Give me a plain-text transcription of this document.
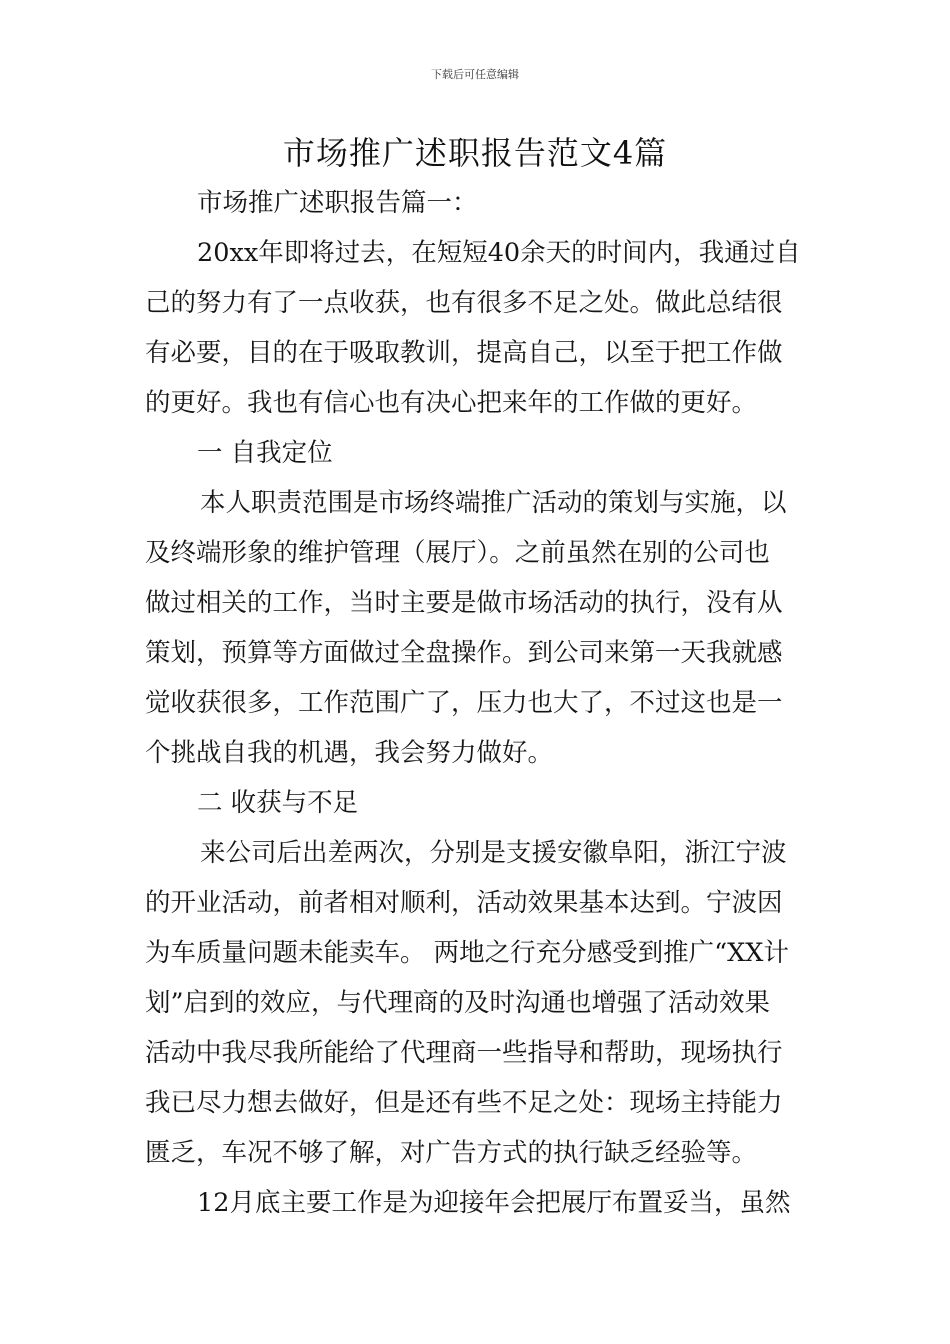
下载后可任意编辑
市场推广述职报告范文4篇
市场推广述职报告篇一：
20xx年即将过去，在短短40余天的时间内，我通过自
己的努力有了一点收获，也有很多不足之处。做此总结很
有必要，目的在于吸取教训，提高自己，以至于把工作做
的更好。我也有信心也有决心把来年的工作做的更好。
一 自我定位
本人职责范围是市场终端推广活动的策划与实施，以
及终端形象的维护管理（展厅）。之前虽然在别的公司也
做过相关的工作，当时主要是做市场活动的执行，没有从
策划，预算等方面做过全盘操作。到公司来第一天我就感
觉收获很多，工作范围广了，压力也大了，不过这也是一
个挑战自我的机遇，我会努力做好。
二 收获与不足
来公司后出差两次，分别是支援安徽阜阳，浙江宁波
的开业活动，前者相对顺利，活动效果基本达到。宁波因
为车质量问题未能卖车。 两地之行充分感受到推广“XX计
划”启到的效应，与代理商的及时沟通也增强了活动效果
活动中我尽我所能给了代理商一些指导和帮助，现场执行
我已尽力想去做好，但是还有些不足之处：现场主持能力
匮乏，车况不够了解，对广告方式的执行缺乏经验等。
12月底主要工作是为迎接年会把展厅布置妥当，虽然
